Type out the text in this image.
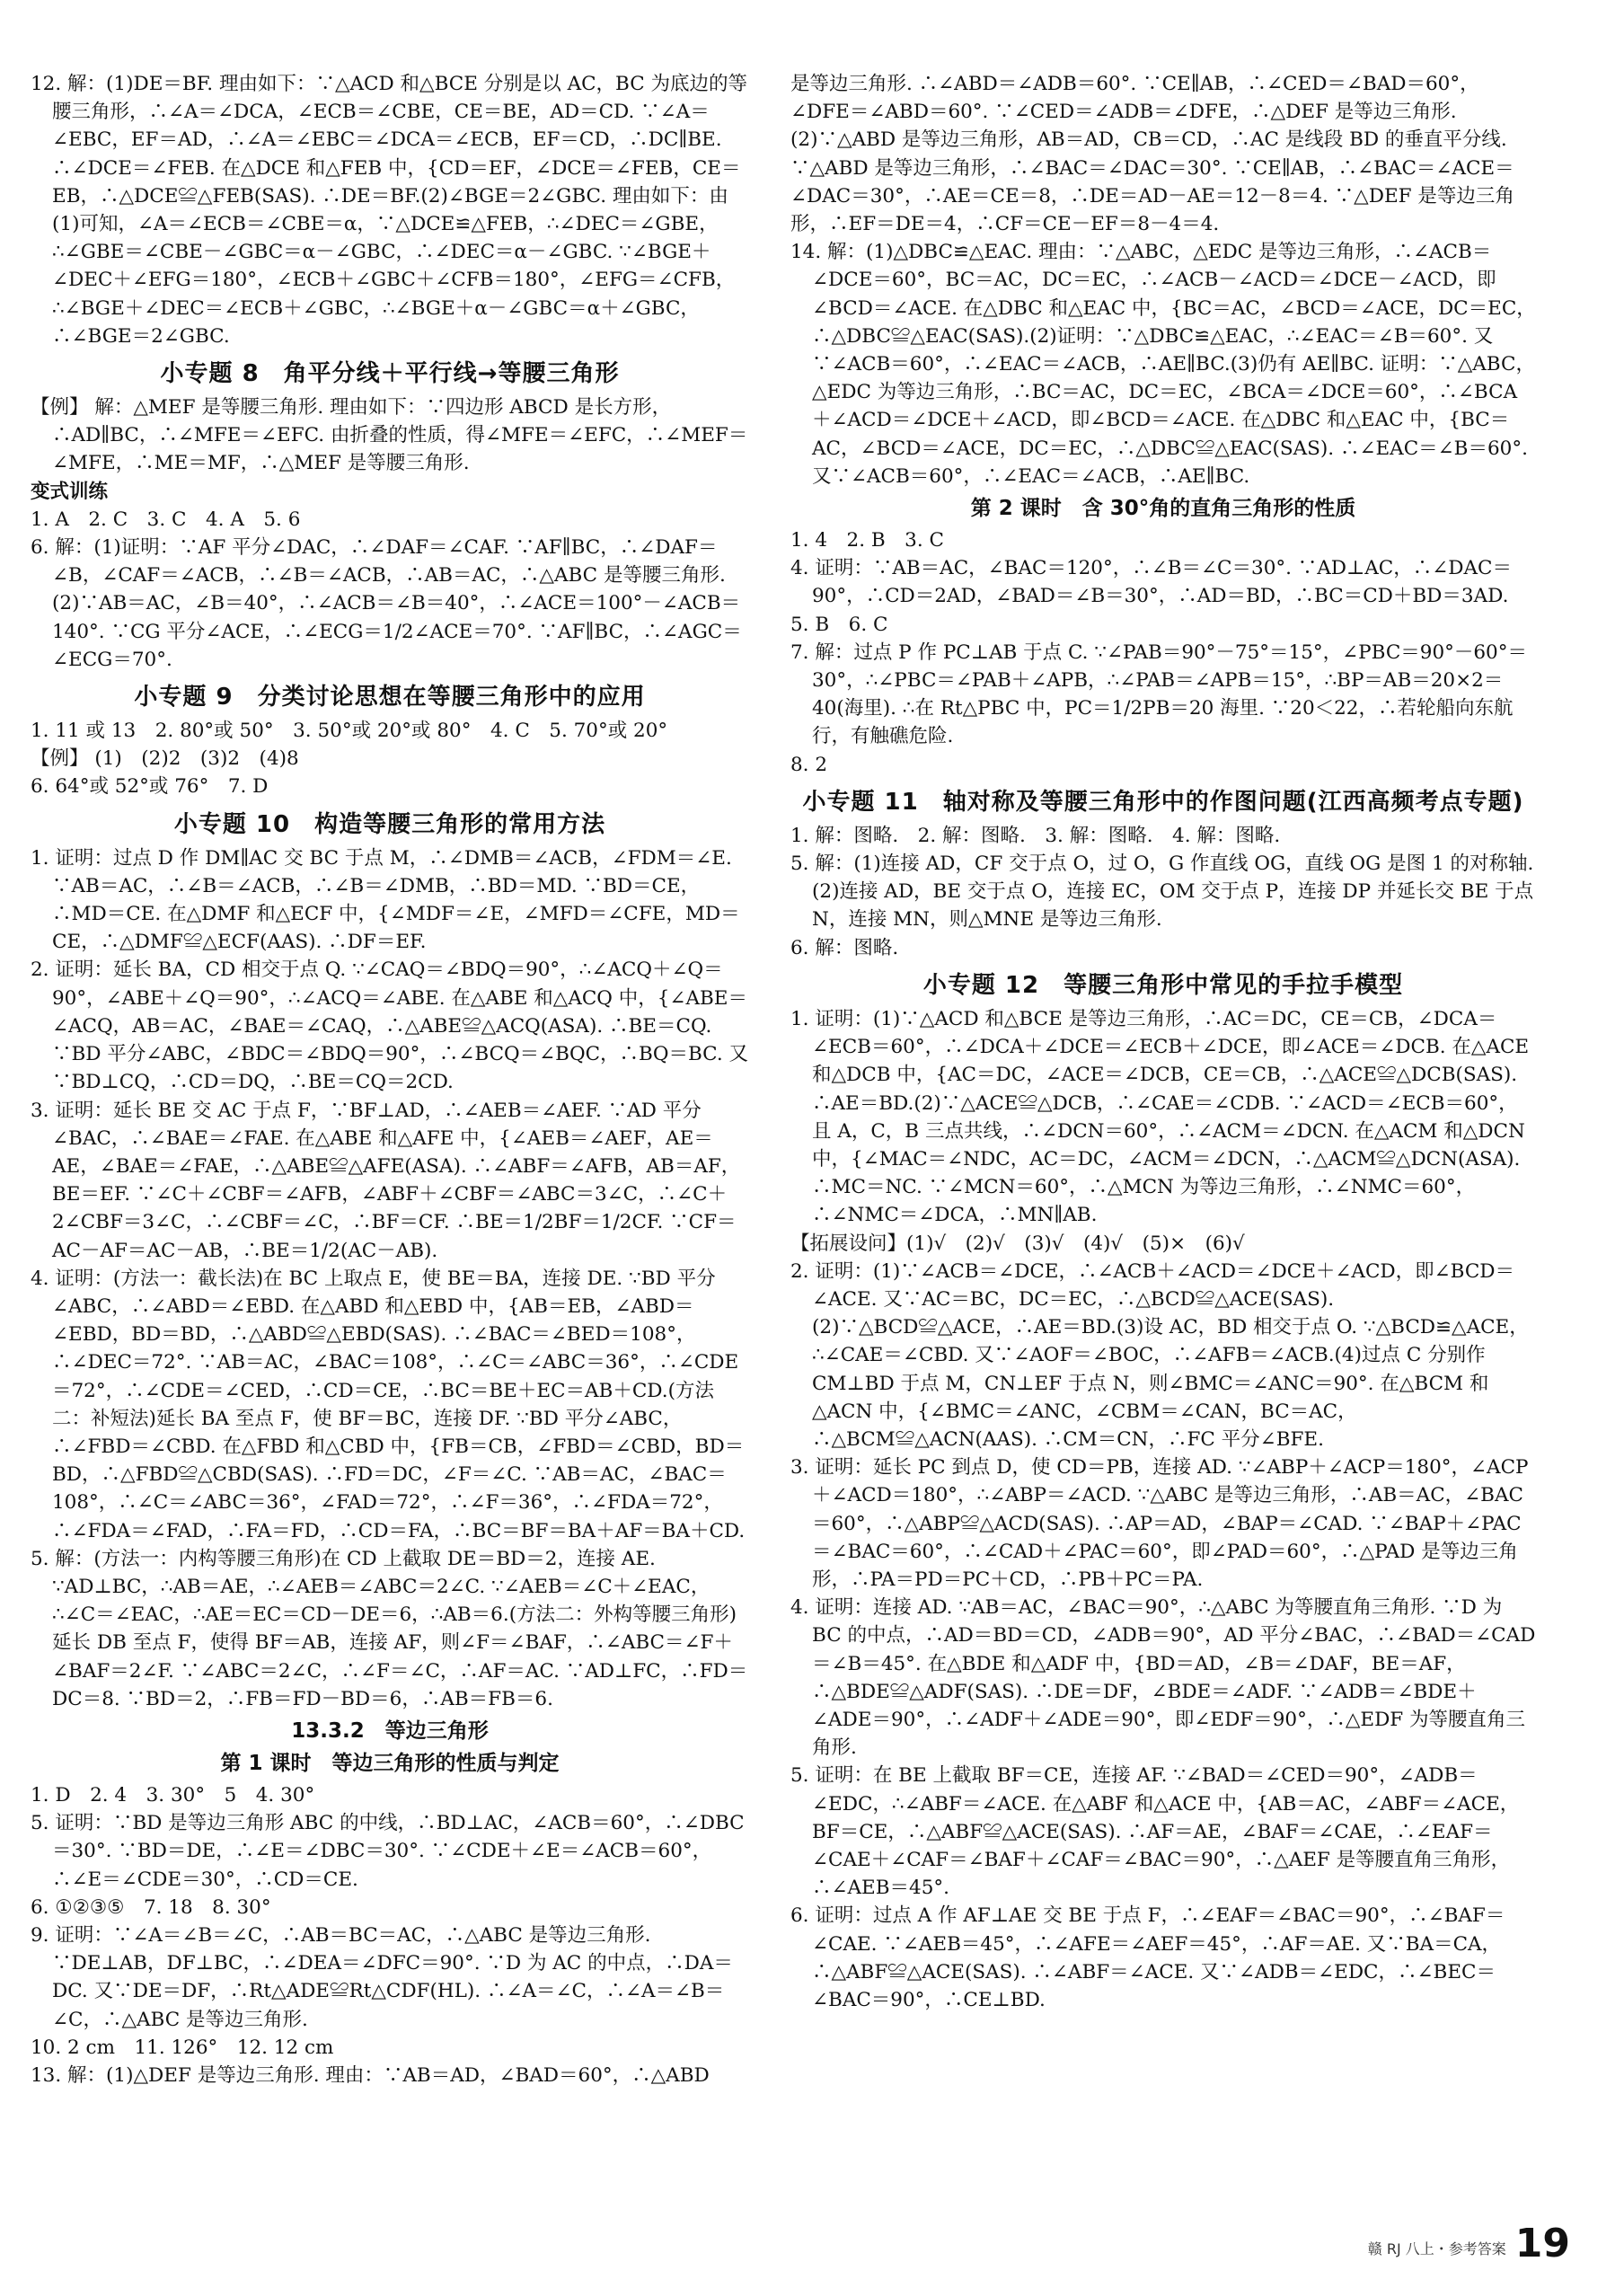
12. 解：(1)DE＝BF. 理由如下：∵△ACD 和△BCE 分别是以 AC，BC 为底边的等腰三角形，∴∠A＝∠DCA，∠ECB＝∠CBE，CE＝BE，AD＝CD. ∵∠A＝∠EBC，EF＝AD，∴∠A＝∠EBC＝∠DCA＝∠ECB，EF＝CD，∴DC∥BE. ∴∠DCE＝∠FEB. 在△DCE 和△FEB 中，{CD＝EF，∠DCE＝∠FEB，CE＝EB，∴△DCE≌△FEB(SAS). ∴DE＝BF.(2)∠BGE＝2∠GBC. 理由如下：由(1)可知，∠A＝∠ECB＝∠CBE＝α，∵△DCE≌△FEB，∴∠DEC＝∠GBE，∴∠GBE＝∠CBE－∠GBC＝α－∠GBC，∴∠DEC＝α－∠GBC. ∵∠BGE＋∠DEC＋∠EFG＝180°，∠ECB＋∠GBC＋∠CFB＝180°，∠EFG＝∠CFB，∴∠BGE＋∠DEC＝∠ECB＋∠GBC，∴∠BGE＋α－∠GBC＝α＋∠GBC，∴∠BGE＝2∠GBC.

小专题 8　角平分线＋平行线→等腰三角形

【例】 解：△MEF 是等腰三角形. 理由如下：∵四边形 ABCD 是长方形，∴AD∥BC，∴∠MFE＝∠EFC. 由折叠的性质，得∠MFE＝∠EFC，∴∠MEF＝∠MFE，∴ME＝MF，∴△MEF 是等腰三角形.

变式训练

1. A　2. C　3. C　4. A　5. 6

6. 解：(1)证明：∵AF 平分∠DAC，∴∠DAF＝∠CAF. ∵AF∥BC，∴∠DAF＝∠B，∠CAF＝∠ACB，∴∠B＝∠ACB，∴AB＝AC，∴△ABC 是等腰三角形.(2)∵AB＝AC，∠B＝40°，∴∠ACB＝∠B＝40°，∴∠ACE＝100°－∠ACB＝140°. ∵CG 平分∠ACE，∴∠ECG＝1/2∠ACE＝70°. ∵AF∥BC，∴∠AGC＝∠ECG＝70°.

小专题 9　分类讨论思想在等腰三角形中的应用

1. 11 或 13　2. 80°或 50°　3. 50°或 20°或 80°　4. C　5. 70°或 20°

【例】 (1)　(2)2　(3)2　(4)8

6. 64°或 52°或 76°　7. D

小专题 10　构造等腰三角形的常用方法

1. 证明：过点 D 作 DM∥AC 交 BC 于点 M，∴∠DMB＝∠ACB，∠FDM＝∠E. ∵AB＝AC，∴∠B＝∠ACB，∴∠B＝∠DMB，∴BD＝MD. ∵BD＝CE，∴MD＝CE. 在△DMF 和△ECF 中，{∠MDF＝∠E，∠MFD＝∠CFE，MD＝CE，∴△DMF≌△ECF(AAS). ∴DF＝EF.

2. 证明：延长 BA，CD 相交于点 Q. ∵∠CAQ＝∠BDQ＝90°，∴∠ACQ＋∠Q＝90°，∠ABE＋∠Q＝90°，∴∠ACQ＝∠ABE. 在△ABE 和△ACQ 中，{∠ABE＝∠ACQ，AB＝AC，∠BAE＝∠CAQ，∴△ABE≌△ACQ(ASA). ∴BE＝CQ. ∵BD 平分∠ABC，∠BDC＝∠BDQ＝90°，∴∠BCQ＝∠BQC，∴BQ＝BC. 又∵BD⊥CQ，∴CD＝DQ，∴BE＝CQ＝2CD.

3. 证明：延长 BE 交 AC 于点 F，∵BF⊥AD，∴∠AEB＝∠AEF. ∵AD 平分∠BAC，∴∠BAE＝∠FAE. 在△ABE 和△AFE 中，{∠AEB＝∠AEF，AE＝AE，∠BAE＝∠FAE，∴△ABE≌△AFE(ASA). ∴∠ABF＝∠AFB，AB＝AF，BE＝EF. ∵∠C＋∠CBF＝∠AFB，∠ABF＋∠CBF＝∠ABC＝3∠C，∴∠C＋2∠CBF＝3∠C，∴∠CBF＝∠C，∴BF＝CF. ∴BE＝1/2BF＝1/2CF. ∵CF＝AC－AF＝AC－AB，∴BE＝1/2(AC－AB).

4. 证明：(方法一：截长法)在 BC 上取点 E，使 BE＝BA，连接 DE. ∵BD 平分∠ABC，∴∠ABD＝∠EBD. 在△ABD 和△EBD 中，{AB＝EB，∠ABD＝∠EBD，BD＝BD，∴△ABD≌△EBD(SAS). ∴∠BAC＝∠BED＝108°，∴∠DEC＝72°. ∵AB＝AC，∠BAC＝108°，∴∠C＝∠ABC＝36°，∴∠CDE＝72°，∴∠CDE＝∠CED，∴CD＝CE，∴BC＝BE＋EC＝AB＋CD.(方法二：补短法)延长 BA 至点 F，使 BF＝BC，连接 DF. ∵BD 平分∠ABC，∴∠FBD＝∠CBD. 在△FBD 和△CBD 中，{FB＝CB，∠FBD＝∠CBD，BD＝BD，∴△FBD≌△CBD(SAS). ∴FD＝DC，∠F＝∠C. ∵AB＝AC，∠BAC＝108°，∴∠C＝∠ABC＝36°，∠FAD＝72°，∴∠F＝36°，∴∠FDA＝72°，∴∠FDA＝∠FAD，∴FA＝FD，∴CD＝FA，∴BC＝BF＝BA＋AF＝BA＋CD.

5. 解：(方法一：内构等腰三角形)在 CD 上截取 DE＝BD＝2，连接 AE. ∵AD⊥BC，∴AB＝AE，∴∠AEB＝∠ABC＝2∠C. ∵∠AEB＝∠C＋∠EAC，∴∠C＝∠EAC，∴AE＝EC＝CD－DE＝6，∴AB＝6.(方法二：外构等腰三角形)延长 DB 至点 F，使得 BF＝AB，连接 AF，则∠F＝∠BAF，∴∠ABC＝∠F＋∠BAF＝2∠F. ∵∠ABC＝2∠C，∴∠F＝∠C，∴AF＝AC. ∵AD⊥FC，∴FD＝DC＝8. ∵BD＝2，∴FB＝FD－BD＝6，∴AB＝FB＝6.

13.3.2　等边三角形
第 1 课时　等边三角形的性质与判定

1. D　2. 4　3. 30°　5　4. 30°

5. 证明：∵BD 是等边三角形 ABC 的中线，∴BD⊥AC，∠ACB＝60°，∴∠DBC＝30°. ∵BD＝DE，∴∠E＝∠DBC＝30°. ∵∠CDE＋∠E＝∠ACB＝60°，∴∠E＝∠CDE＝30°，∴CD＝CE.

6. ①②③⑤　7. 18　8. 30°

9. 证明：∵∠A＝∠B＝∠C，∴AB＝BC＝AC，∴△ABC 是等边三角形. ∵DE⊥AB，DF⊥BC，∴∠DEA＝∠DFC＝90°. ∵D 为 AC 的中点，∴DA＝DC. 又∵DE＝DF，∴Rt△ADE≌Rt△CDF(HL). ∴∠A＝∠C，∴∠A＝∠B＝∠C，∴△ABC 是等边三角形.

10. 2 cm　11. 126°　12. 12 cm

13. 解：(1)△DEF 是等边三角形. 理由：∵AB＝AD，∠BAD＝60°，∴△ABD

是等边三角形. ∴∠ABD＝∠ADB＝60°. ∵CE∥AB，∴∠CED＝∠BAD＝60°，∠DFE＝∠ABD＝60°. ∵∠CED＝∠ADB＝∠DFE，∴△DEF 是等边三角形.(2)∵△ABD 是等边三角形，AB＝AD，CB＝CD，∴AC 是线段 BD 的垂直平分线. ∵△ABD 是等边三角形，∴∠BAC＝∠DAC＝30°. ∵CE∥AB，∴∠BAC＝∠ACE＝∠DAC＝30°，∴AE＝CE＝8，∴DE＝AD－AE＝12－8＝4. ∵△DEF 是等边三角形，∴EF＝DE＝4，∴CF＝CE－EF＝8－4＝4.

14. 解：(1)△DBC≌△EAC. 理由：∵△ABC，△EDC 是等边三角形，∴∠ACB＝∠DCE＝60°，BC＝AC，DC＝EC，∴∠ACB－∠ACD＝∠DCE－∠ACD，即∠BCD＝∠ACE. 在△DBC 和△EAC 中，{BC＝AC，∠BCD＝∠ACE，DC＝EC，∴△DBC≌△EAC(SAS).(2)证明：∵△DBC≌△EAC，∴∠EAC＝∠B＝60°. 又∵∠ACB＝60°，∴∠EAC＝∠ACB，∴AE∥BC.(3)仍有 AE∥BC. 证明：∵△ABC，△EDC 为等边三角形，∴BC＝AC，DC＝EC，∠BCA＝∠DCE＝60°，∴∠BCA＋∠ACD＝∠DCE＋∠ACD，即∠BCD＝∠ACE. 在△DBC 和△EAC 中，{BC＝AC，∠BCD＝∠ACE，DC＝EC，∴△DBC≌△EAC(SAS). ∴∠EAC＝∠B＝60°. 又∵∠ACB＝60°，∴∠EAC＝∠ACB，∴AE∥BC.

第 2 课时　含 30°角的直角三角形的性质

1. 4　2. B　3. C

4. 证明：∵AB＝AC，∠BAC＝120°，∴∠B＝∠C＝30°. ∵AD⊥AC，∴∠DAC＝90°，∴CD＝2AD，∠BAD＝∠B＝30°，∴AD＝BD，∴BC＝CD＋BD＝3AD.

5. B　6. C

7. 解：过点 P 作 PC⊥AB 于点 C. ∵∠PAB＝90°－75°＝15°，∠PBC＝90°－60°＝30°，∴∠PBC＝∠PAB＋∠APB，∴∠PAB＝∠APB＝15°，∴BP＝AB＝20×2＝40(海里). ∴在 Rt△PBC 中，PC＝1/2PB＝20 海里. ∵20＜22，∴若轮船向东航行，有触礁危险.

8. 2

小专题 11　轴对称及等腰三角形中的作图问题(江西高频考点专题)

1. 解：图略.　2. 解：图略.　3. 解：图略.　4. 解：图略.

5. 解：(1)连接 AD，CF 交于点 O，过 O，G 作直线 OG，直线 OG 是图 1 的对称轴.(2)连接 AD，BE 交于点 O，连接 EC，OM 交于点 P，连接 DP 并延长交 BE 于点 N，连接 MN，则△MNE 是等边三角形.

6. 解：图略.

小专题 12　等腰三角形中常见的手拉手模型

1. 证明：(1)∵△ACD 和△BCE 是等边三角形，∴AC＝DC，CE＝CB，∠DCA＝∠ECB＝60°，∴∠DCA＋∠DCE＝∠ECB＋∠DCE，即∠ACE＝∠DCB. 在△ACE 和△DCB 中，{AC＝DC，∠ACE＝∠DCB，CE＝CB，∴△ACE≌△DCB(SAS). ∴AE＝BD.(2)∵△ACE≌△DCB，∴∠CAE＝∠CDB. ∵∠ACD＝∠ECB＝60°，且 A，C，B 三点共线，∴∠DCN＝60°，∴∠ACM＝∠DCN. 在△ACM 和△DCN 中，{∠MAC＝∠NDC，AC＝DC，∠ACM＝∠DCN，∴△ACM≌△DCN(ASA). ∴MC＝NC. ∵∠MCN＝60°，∴△MCN 为等边三角形，∴∠NMC＝60°，∴∠NMC＝∠DCA，∴MN∥AB.

【拓展设问】(1)√　(2)√　(3)√　(4)√　(5)×　(6)√

2. 证明：(1)∵∠ACB＝∠DCE，∴∠ACB＋∠ACD＝∠DCE＋∠ACD，即∠BCD＝∠ACE. 又∵AC＝BC，DC＝EC，∴△BCD≌△ACE(SAS).(2)∵△BCD≌△ACE，∴AE＝BD.(3)设 AC，BD 相交于点 O. ∵△BCD≌△ACE，∴∠CAE＝∠CBD. 又∵∠AOF＝∠BOC，∴∠AFB＝∠ACB.(4)过点 C 分别作 CM⊥BD 于点 M，CN⊥EF 于点 N，则∠BMC＝∠ANC＝90°. 在△BCM 和△ACN 中，{∠BMC＝∠ANC，∠CBM＝∠CAN，BC＝AC，∴△BCM≌△ACN(AAS). ∴CM＝CN，∴FC 平分∠BFE.

3. 证明：延长 PC 到点 D，使 CD＝PB，连接 AD. ∵∠ABP＋∠ACP＝180°，∠ACP＋∠ACD＝180°，∴∠ABP＝∠ACD. ∵△ABC 是等边三角形，∴AB＝AC，∠BAC＝60°，∴△ABP≌△ACD(SAS). ∴AP＝AD，∠BAP＝∠CAD. ∵∠BAP＋∠PAC＝∠BAC＝60°，∴∠CAD＋∠PAC＝60°，即∠PAD＝60°，∴△PAD 是等边三角形，∴PA＝PD＝PC＋CD，∴PB＋PC＝PA.

4. 证明：连接 AD. ∵AB＝AC，∠BAC＝90°，∴△ABC 为等腰直角三角形. ∵D 为 BC 的中点，∴AD＝BD＝CD，∠ADB＝90°，AD 平分∠BAC，∴∠BAD＝∠CAD＝∠B＝45°. 在△BDE 和△ADF 中，{BD＝AD，∠B＝∠DAF，BE＝AF，∴△BDE≌△ADF(SAS). ∴DE＝DF，∠BDE＝∠ADF. ∵∠ADB＝∠BDE＋∠ADE＝90°，∴∠ADF＋∠ADE＝90°，即∠EDF＝90°，∴△EDF 为等腰直角三角形.

5. 证明：在 BE 上截取 BF＝CE，连接 AF. ∵∠BAD＝∠CED＝90°，∠ADB＝∠EDC，∴∠ABF＝∠ACE. 在△ABF 和△ACE 中，{AB＝AC，∠ABF＝∠ACE，BF＝CE，∴△ABF≌△ACE(SAS). ∴AF＝AE，∠BAF＝∠CAE，∴∠EAF＝∠CAE＋∠CAF＝∠BAF＋∠CAF＝∠BAC＝90°，∴△AEF 是等腰直角三角形，∴∠AEB＝45°.

6. 证明：过点 A 作 AF⊥AE 交 BE 于点 F，∴∠EAF＝∠BAC＝90°，∴∠BAF＝∠CAE. ∵∠AEB＝45°，∴∠AFE＝∠AEF＝45°，∴AF＝AE. 又∵BA＝CA，∴△ABF≌△ACE(SAS). ∴∠ABF＝∠ACE. 又∵∠ADB＝∠EDC，∴∠BEC＝∠BAC＝90°，∴CE⊥BD.

赣 RJ 八上・参考答案 19
